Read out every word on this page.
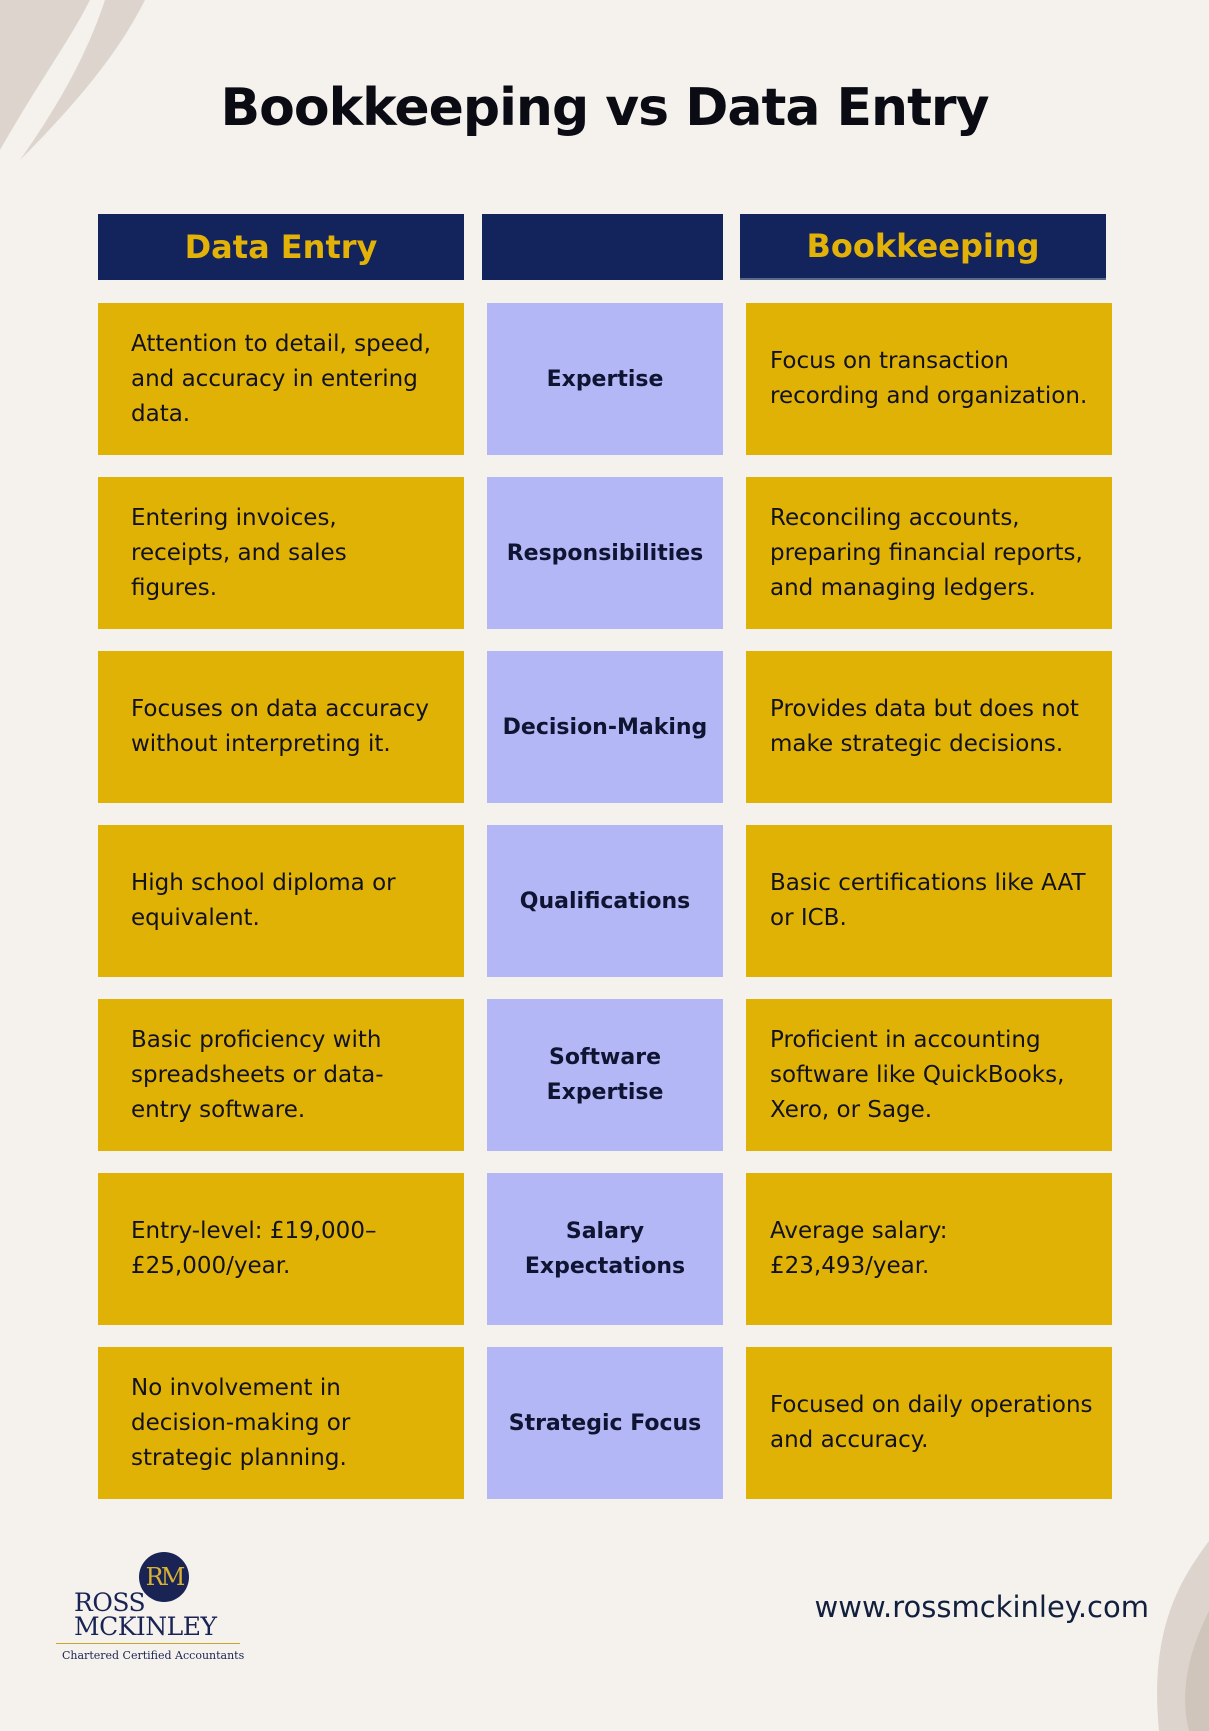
Bookkeeping vs Data Entry
Data Entry	Bookkeeping
Attention to detail, speed, and accuracy in entering data.
Expertise
Focus on transaction recording and organization.
Entering invoices, receipts, and sales figures.
Responsibilities
Reconciling accounts, preparing financial reports, and managing ledgers.
Focuses on data accuracy without interpreting it.
Decision-Making
Provides data but does not make strategic decisions.
High school diploma or equivalent.
Qualifications
Basic certifications like AAT or ICB.
Basic proficiency with spreadsheets or data-entry software.
Software Expertise
Proficient in accounting software like QuickBooks, Xero, or Sage.
Entry-level: £19,000–£25,000/year.
Salary Expectations
Average salary: £23,493/year.
No involvement in decision-making or strategic planning.
Strategic Focus
Focused on daily operations and accuracy.
RM
ROSS
MCKINLEY
Chartered Certified Accountants
www.rossmckinley.com
